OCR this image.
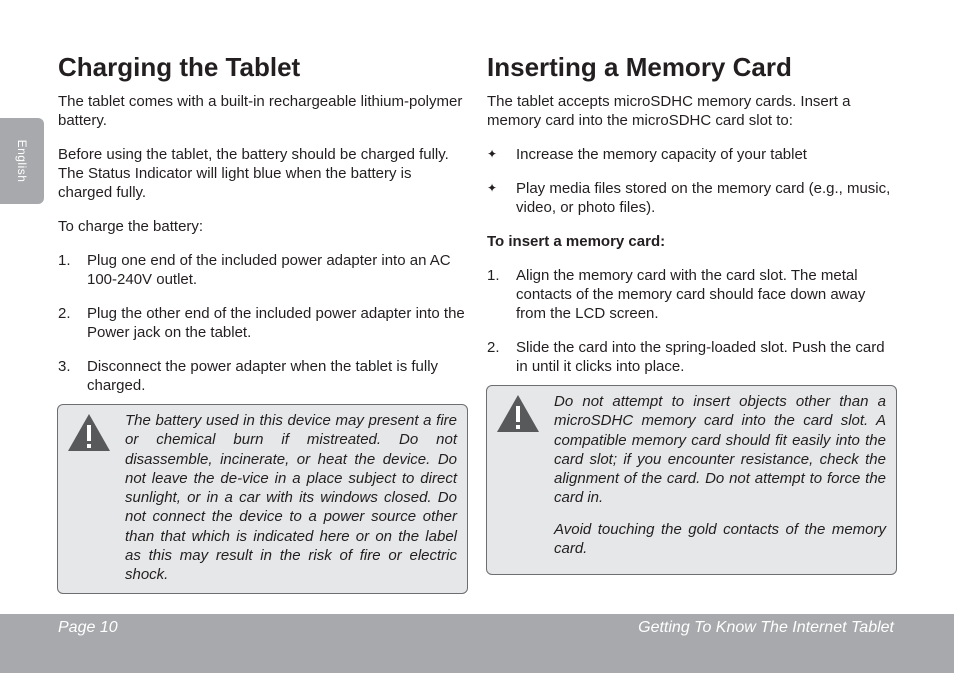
English
Charging the Tablet

The tablet comes with a built-in rechargeable lithium-polymer battery.

Before using the tablet, the battery should be charged fully. The Status Indicator will light blue when the battery is charged fully.

To charge the battery:

1. Plug one end of the included power adapter into an AC 100-240V outlet.
2. Plug the other end of the included power adapter into the Power jack on the tablet.
3. Disconnect the power adapter when the tablet is fully charged.
The battery used in this device may present a fire or chemical burn if mistreated. Do not disassemble, incinerate, or heat the device. Do not leave the de-vice in a place subject to direct sunlight, or in a car with its windows closed. Do not connect the device to a power source other than that which is indicated here or on the label as this may result in the risk of fire or electric shock.
Inserting a Memory Card

The tablet accepts microSDHC memory cards. Insert a memory card into the microSDHC card slot to:

✦ Increase the memory capacity of your tablet
✦ Play media files stored on the memory card (e.g., music, video, or photo files).

To insert a memory card:

1. Align the memory card with the card slot. The metal contacts of the memory card should face down away from the LCD screen.
2. Slide the card into the spring-loaded slot. Push the card in until it clicks into place.
Do not attempt to insert objects other than a microSDHC memory card into the card slot. A compatible memory card should fit easily into the card slot; if you encounter resistance, check the alignment of the card. Do not attempt to force the card in.
Avoid touching the gold contacts of the memory card.
Page 10	Getting To Know The Internet Tablet
